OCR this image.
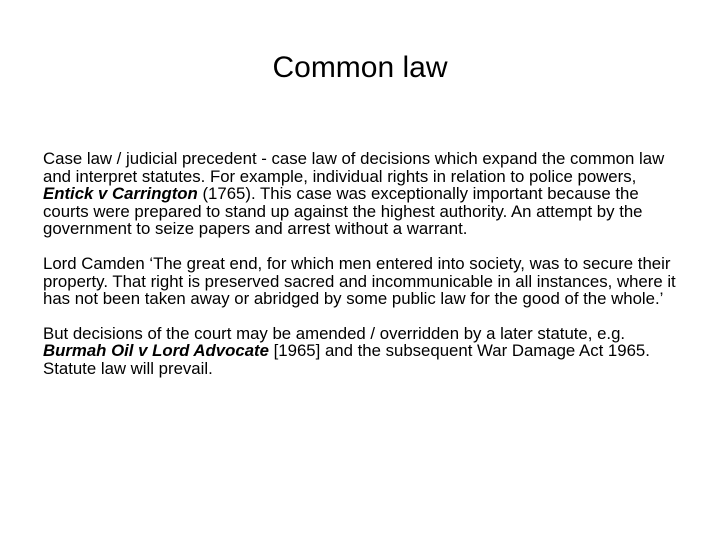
Common law

Case law / judicial precedent - case law of decisions which expand the common law and interpret statutes. For example, individual rights in relation to police powers, Entick v Carrington (1765). This case was exceptionally important because the courts were prepared to stand up against the highest authority. An attempt by the government to seize papers and arrest without a warrant.

Lord Camden ‘The great end, for which men entered into society, was to secure their property. That right is preserved sacred and incommunicable in all instances, where it has not been taken away or abridged by some public law for the good of the whole.’

But decisions of the court may be amended / overridden by a later statute, e.g. Burmah Oil v Lord Advocate [1965] and the subsequent War Damage Act 1965. Statute law will prevail.
